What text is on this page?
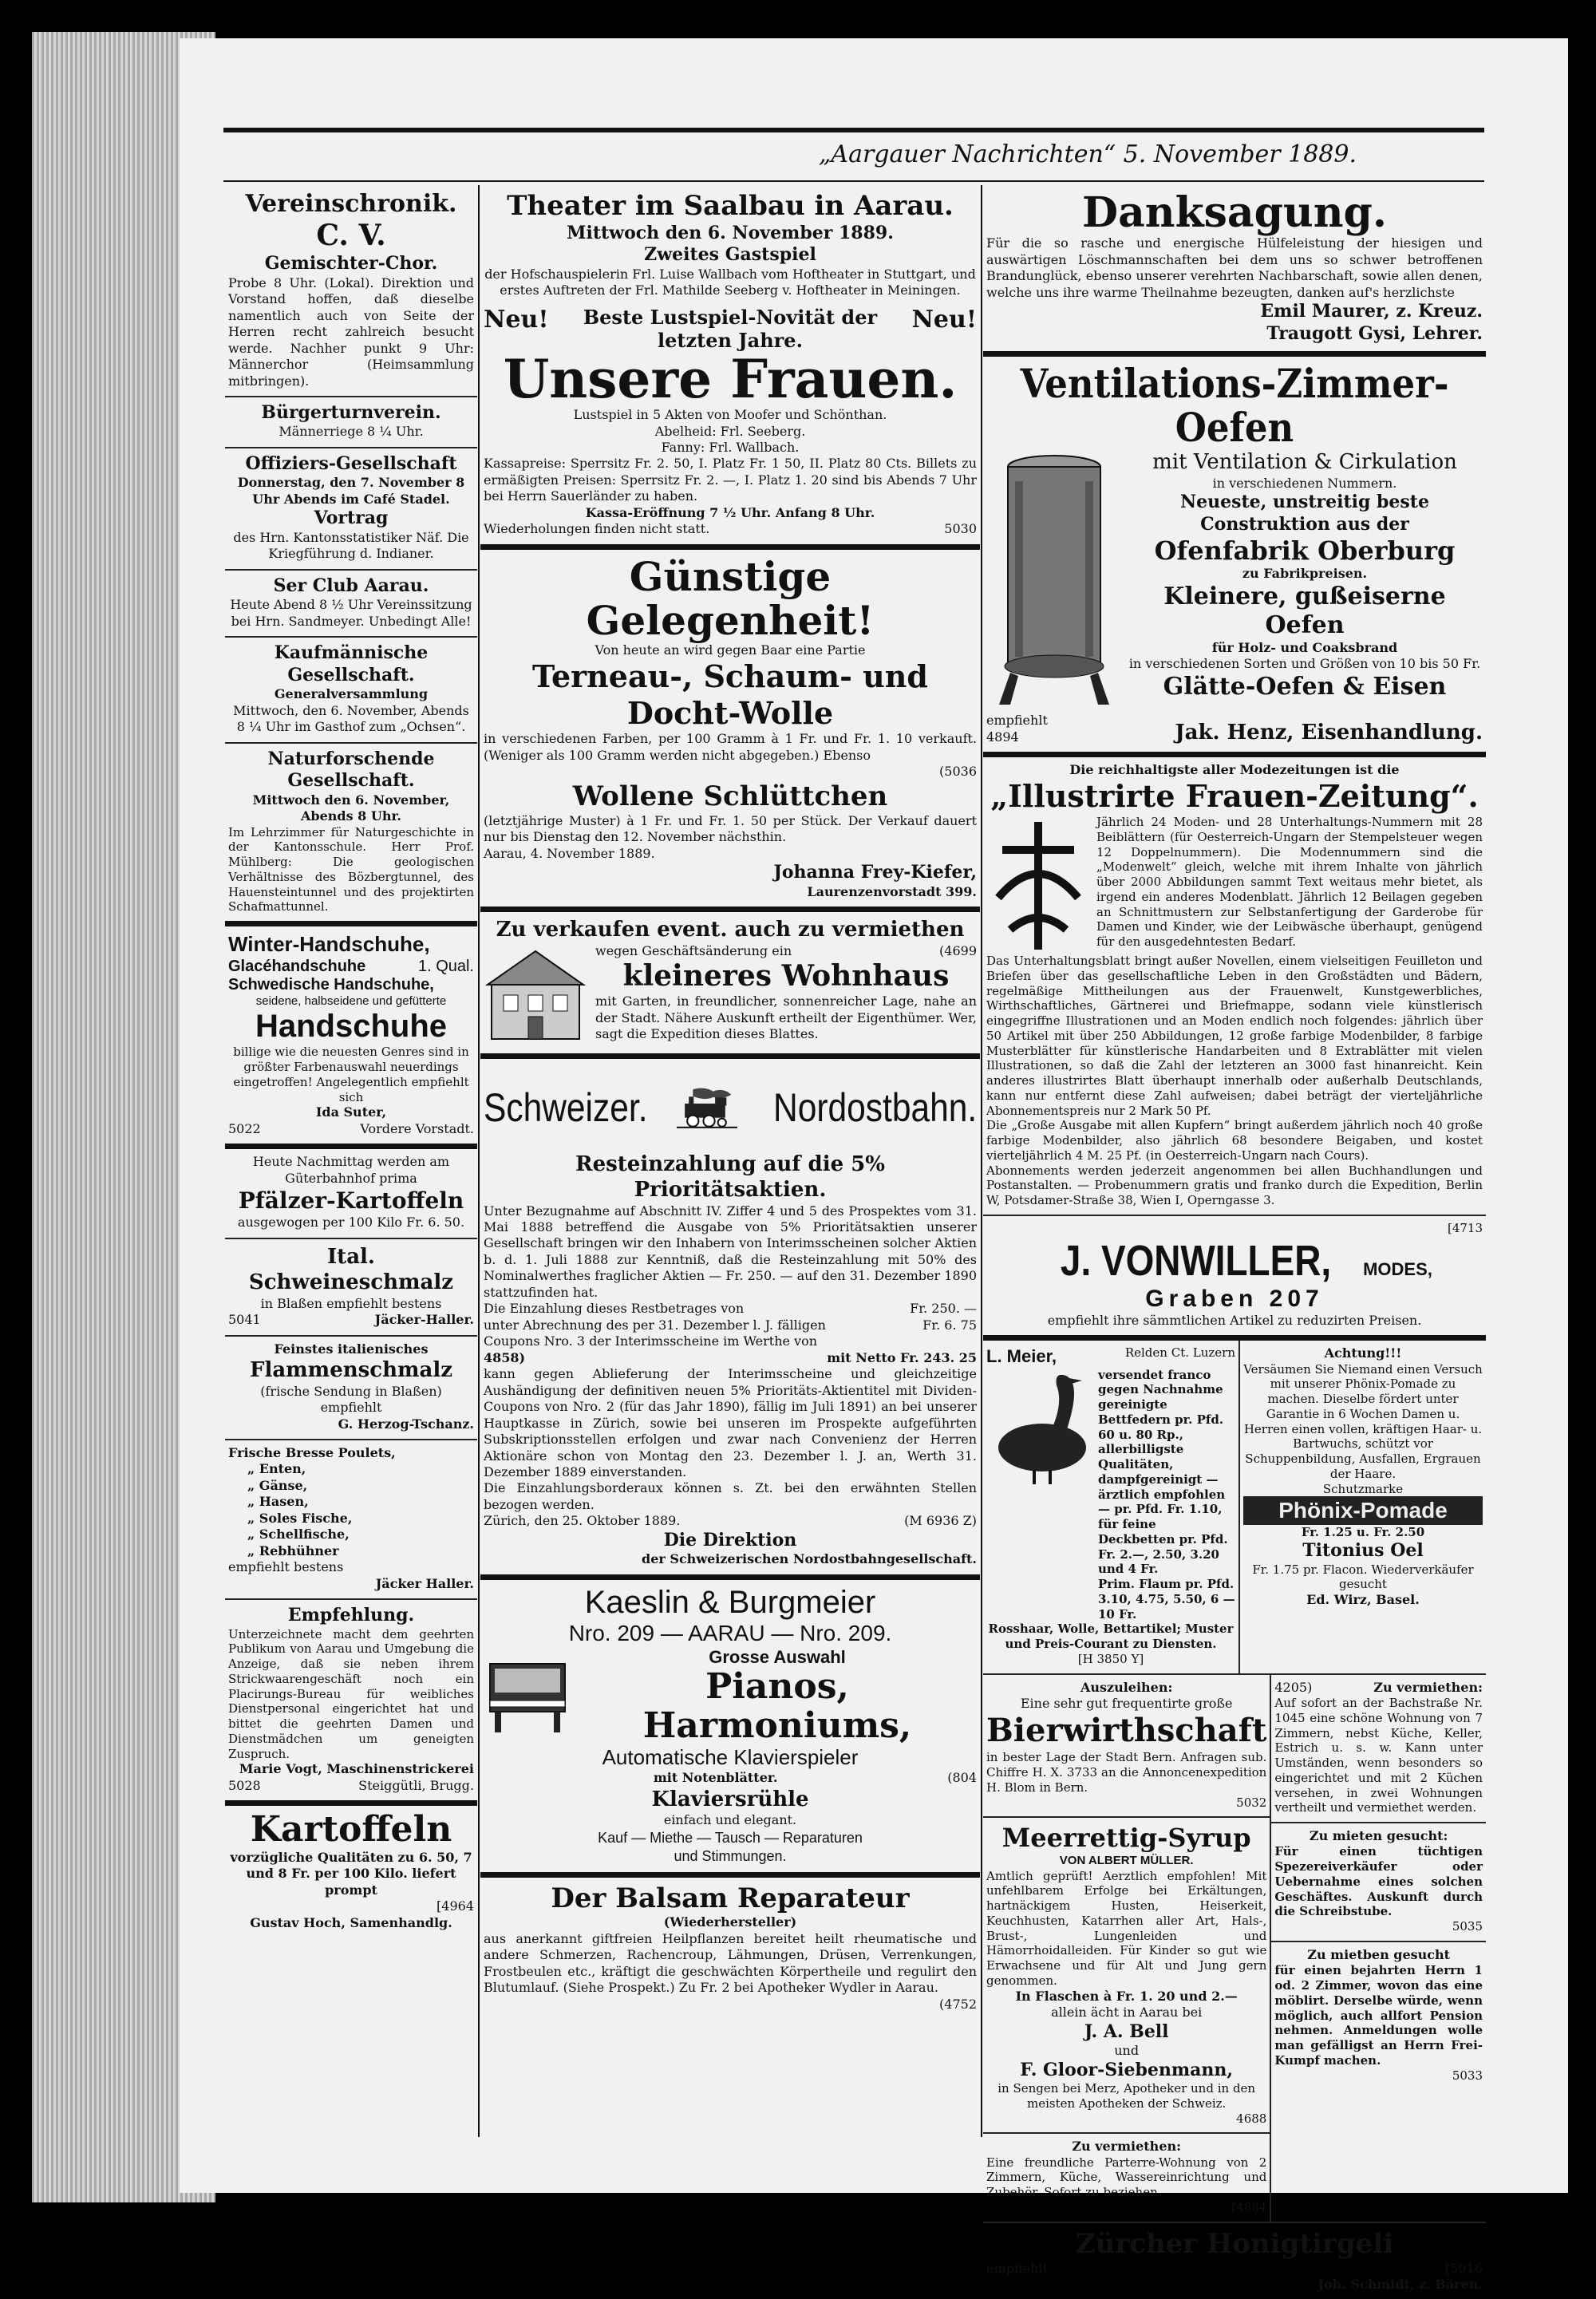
„Aargauer Nachrichten“ 5. November 1889.
Vereinschronik.
C. V.
Gemischter-Chor.
Probe 8 Uhr. (Lokal). Direktion und Vorstand hoffen, daß dieselbe namentlich auch von Seite der Herren recht zahlreich besucht werde. Nachher punkt 9 Uhr: Männerchor (Heimsammlung mitbringen).
Bürgerturnverein.
Männerriege 8 ¼ Uhr.
Offiziers-Gesellschaft
Donnerstag, den 7. November 8 Uhr Abends im Café Stadel.
Vortrag
des Hrn. Kantonsstatistiker Näf. Die Kriegführung d. Indianer.
Ser Club Aarau.
Heute Abend 8 ½ Uhr Vereinssitzung bei Hrn. Sandmeyer. Unbedingt Alle!
Kaufmännische Gesellschaft.
Generalversammlung
Mittwoch, den 6. November, Abends 8 ¼ Uhr im Gasthof zum „Ochsen“.
Naturforschende Gesellschaft.
Mittwoch den 6. November, Abends 8 Uhr.
Im Lehrzimmer für Naturgeschichte in der Kantonsschule. Herr Prof. Mühlberg: Die geologischen Verhältnisse des Bözbergtunnel, des Hauensteintunnel und des projektirten Schafmattunnel.
Winter-Handschuhe,
Glacéhandschuhe	1. Qual.
Schwedische Handschuhe,
seidene, halbseidene und gefütterte
Handschuhe
billige wie die neuesten Genres sind in größter Farbenauswahl neuerdings eingetroffen! Angelegentlich empfiehlt sich
Ida Suter,
5022	Vordere Vorstadt.
Heute Nachmittag werden am Güterbahnhof prima
Pfälzer-Kartoffeln
ausgewogen per 100 Kilo Fr. 6. 50.
Ital. Schweineschmalz
in Blaßen empfiehlt bestens
5041	Jäcker-Haller.
Feinstes italienisches
Flammenschmalz
(frische Sendung in Blaßen) empfiehlt
G. Herzog-Tschanz.
Frische Bresse Poulets,
„ Enten,
„ Gänse,
„ Hasen,
„ Soles Fische,
„ Schellfische,
„ Rebhühner
empfiehlt bestens
Jäcker Haller.
Empfehlung.
Unterzeichnete macht dem geehrten Publikum von Aarau und Umgebung die Anzeige, daß sie neben ihrem Strickwaarengeschäft noch ein Placirungs-Bureau für weibliches Dienstpersonal eingerichtet hat und bittet die geehrten Damen und Dienstmädchen um geneigten Zuspruch.
Marie Vogt, Maschinenstrickerei
5028	Steiggütli, Brugg.
Kartoffeln
vorzügliche Qualitäten zu 6. 50, 7 und 8 Fr. per 100 Kilo. liefert prompt
[4964
Gustav Hoch, Samenhandlg.
Theater im Saalbau in Aarau.
Mittwoch den 6. November 1889.
Zweites Gastspiel
der Hofschauspielerin Frl. Luise Wallbach vom Hoftheater in Stuttgart, und erstes Auftreten der Frl. Mathilde Seeberg v. Hoftheater in Meiningen.
Neu!	Beste Lustspiel-Novität der letzten Jahre.
Neu!
Unsere Frauen.
Lustspiel in 5 Akten von Moofer und Schönthan.
Abelheid: Frl. Seeberg.
Fanny: Frl. Wallbach.
Kassapreise: Sperrsitz Fr. 2. 50, I. Platz Fr. 1 50, II. Platz 80 Cts. Billets zu ermäßigten Preisen: Sperrsitz Fr. 2. —, I. Platz 1. 20 sind bis Abends 7 Uhr bei Herrn Sauerländer zu haben.
Kassa-Eröffnung 7 ½ Uhr. Anfang 8 Uhr.
Wiederholungen finden nicht statt.	5030
Günstige Gelegenheit!
Von heute an wird gegen Baar eine Partie
Terneau-, Schaum- und Docht-Wolle
in verschiedenen Farben, per 100 Gramm à 1 Fr. und Fr. 1. 10 verkauft. (Weniger als 100 Gramm werden nicht abgegeben.) Ebenso
(5036
Wollene Schlüttchen
(letztjährige Muster) à 1 Fr. und Fr. 1. 50 per Stück. Der Verkauf dauert nur bis Dienstag den 12. November nächsthin.
Aarau, 4. November 1889.
Johanna Frey-Kiefer,
Laurenzenvorstadt 399.
Zu verkaufen event. auch zu vermiethen
wegen Geschäftsänderung ein	(4699
kleineres Wohnhaus
mit Garten, in freundlicher, sonnenreicher Lage, nahe an der Stadt. Nähere Auskunft ertheilt der Eigenthümer. Wer, sagt die Expedition dieses Blattes.
Schweizer.	Nordostbahn.
Resteinzahlung auf die 5% Prioritätsaktien.
Unter Bezugnahme auf Abschnitt IV. Ziffer 4 und 5 des Prospektes vom 31. Mai 1888 betreffend die Ausgabe von 5% Prioritätsaktien unserer Gesellschaft bringen wir den Inhabern von Interimsscheinen solcher Aktien b. d. 1. Juli 1888 zur Kenntniß, daß die Resteinzahlung mit 50% des Nominalwerthes fraglicher Aktien — Fr. 250. — auf den 31. Dezember 1890 stattzufinden hat.
Die Einzahlung dieses Restbetrages von	Fr. 250. —
unter Abrechnung des per 31. Dezember l. J. fälligen Coupons Nro. 3 der Interimsscheine im Werthe von
Fr. 6. 75
4858)	mit Netto Fr. 243. 25
kann gegen Ablieferung der Interimsscheine und gleichzeitige Aushändigung der definitiven neuen 5% Prioritäts-Aktientitel mit Dividen-Coupons von Nro. 2 (für das Jahr 1890), fällig im Juli 1891) an bei unserer Hauptkasse in Zürich, sowie bei unseren im Prospekte aufgeführten Subskriptionsstellen erfolgen und zwar nach Convenienz der Herren Aktionäre schon von Montag den 23. Dezember l. J. an, Werth 31. Dezember 1889 einverstanden.
Die Einzahlungsborderaux können s. Zt. bei den erwähnten Stellen bezogen werden.
Zürich, den 25. Oktober 1889.	(M 6936 Z)
Die Direktion
der Schweizerischen Nordostbahngesellschaft.
Kaeslin & Burgmeier
Nro. 209 — AARAU — Nro. 209.
Grosse Auswahl
Pianos, Harmoniums,
Automatische Klavierspieler
mit Notenblätter.	(804
Klaviersrühle
einfach und elegant.
Kauf — Miethe — Tausch — Reparaturen
und Stimmungen.
Der Balsam Reparateur
(Wiederhersteller)
aus anerkannt giftfreien Heilpflanzen bereitet heilt rheumatische und andere Schmerzen, Rachencroup, Lähmungen, Drüsen, Verrenkungen, Frostbeulen etc., kräftigt die geschwächten Körpertheile und regulirt den Blutumlauf. (Siehe Prospekt.) Zu Fr. 2 bei Apotheker Wydler in Aarau.
(4752
Danksagung.
Für die so rasche und energische Hülfeleistung der hiesigen und auswärtigen Löschmannschaften bei dem uns so schwer betroffenen Brandunglück, ebenso unserer verehrten Nachbarschaft, sowie allen denen, welche uns ihre warme Theilnahme bezeugten, danken auf's herzlichste
Emil Maurer, z. Kreuz.
Traugott Gysi, Lehrer.
Ventilations-Zimmer-Oefen
mit Ventilation & Cirkulation
in verschiedenen Nummern.
Neueste, unstreitig beste Construktion aus der
Ofenfabrik Oberburg
zu Fabrikpreisen.
Kleinere, gußeiserne Oefen
für Holz- und Coaksbrand
in verschiedenen Sorten und Größen von 10 bis 50 Fr.
Glätte-Oefen & Eisen
empfiehlt
4894	Jak. Henz, Eisenhandlung.
Die reichhaltigste aller Modezeitungen ist die
„Illustrirte Frauen-Zeitung“.
Jährlich 24 Moden- und 28 Unterhaltungs-Nummern mit 28 Beiblättern (für Oesterreich-Ungarn der Stempelsteuer wegen 12 Doppelnummern). Die Modennummern sind die „Modenwelt“ gleich, welche mit ihrem Inhalte von jährlich über 2000 Abbildungen sammt Text weitaus mehr bietet, als irgend ein anderes Modenblatt. Jährlich 12 Beilagen gegeben an Schnittmustern zur Selbstanfertigung der Garderobe für Damen und Kinder, wie der Leibwäsche überhaupt, genügend für den ausgedehntesten Bedarf.
Das Unterhaltungsblatt bringt außer Novellen, einem vielseitigen Feuilleton und Briefen über das gesellschaftliche Leben in den Großstädten und Bädern, regelmäßige Mittheilungen aus der Frauenwelt, Kunstgewerbliches, Wirthschaftliches, Gärtnerei und Briefmappe, sodann viele künstlerisch eingegriffne Illustrationen und an Moden endlich noch folgendes: jährlich über 50 Artikel mit über 250 Abbildungen, 12 große farbige Modenbilder, 8 farbige Musterblätter für künstlerische Handarbeiten und 8 Extrablätter mit vielen Illustrationen, so daß die Zahl der letzteren an 3000 fast hinanreicht. Kein anderes illustrirtes Blatt überhaupt innerhalb oder außerhalb Deutschlands, kann nur entfernt diese Zahl aufweisen; dabei beträgt der vierteljährliche Abonnementspreis nur 2 Mark 50 Pf.
Die „Große Ausgabe mit allen Kupfern“ bringt außerdem jährlich noch 40 große farbige Modenbilder, also jährlich 68 besondere Beigaben, und kostet vierteljährlich 4 M. 25 Pf. (in Oesterreich-Ungarn nach Cours).
Abonnements werden jederzeit angenommen bei allen Buchhandlungen und Postanstalten. — Probenummern gratis und franko durch die Expedition, Berlin W, Potsdamer-Straße 38, Wien I, Operngasse 3.
[4713
J. VONWILLER, MODES,
Graben 207
empfiehlt ihre sämmtlichen Artikel zu reduzirten Preisen.
L. Meier,	Relden Ct. Luzern
versendet franco gegen Nachnahme gereinigte Bettfedern pr. Pfd. 60 u. 80 Rp., allerbilligste Qualitäten, dampfgereinigt — ärztlich empfohlen — pr. Pfd. Fr. 1.10,
für feine Deckbetten pr. Pfd. Fr. 2.—, 2.50, 3.20 und 4 Fr.
Prim. Flaum pr. Pfd. 3.10, 4.75, 5.50, 6 — 10 Fr.
Rosshaar, Wolle, Bettartikel; Muster und Preis-Courant zu Diensten.
[H 3850 Y]
Achtung!!!
Versäumen Sie Niemand einen Versuch mit unserer Phönix-Pomade zu machen. Dieselbe fördert unter Garantie in 6 Wochen Damen u. Herren einen vollen, kräftigen Haar- u. Bartwuchs, schützt vor Schuppenbildung, Ausfallen, Ergrauen der Haare.
Schutzmarke
Phönix-Pomade
Fr. 1.25 u. Fr. 2.50
Titonius Oel
Fr. 1.75 pr. Flacon. Wiederverkäufer gesucht
Ed. Wirz, Basel.
Auszuleihen:
Eine sehr gut frequentirte große
Bierwirthschaft
in bester Lage der Stadt Bern. Anfragen sub. Chiffre H. X. 3733 an die Annoncenexpedition H. Blom in Bern.
5032
Meerrettig-Syrup
VON ALBERT MÜLLER.
Amtlich geprüft! Aerztlich empfohlen! Mit unfehlbarem Erfolge bei Erkältungen, hartnäckigem Husten, Heiserkeit, Keuchhusten, Katarrhen aller Art, Hals-, Brust-, Lungenleiden und Hämorrhoidalleiden. Für Kinder so gut wie Erwachsene und für Alt und Jung gern genommen.
In Flaschen à Fr. 1. 20 und 2.—
allein ächt in Aarau bei
J. A. Bell
und
F. Gloor-Siebenmann,
in Sengen bei Merz, Apotheker und in den meisten Apotheken der Schweiz.
4688
Zu vermiethen:
Eine freundliche Parterre-Wohnung von 2 Zimmern, Küche, Wassereinrichtung und Zubehör. Sofort zu beziehen.
[4884
4205)	Zu vermiethen:
Auf sofort an der Bachstraße Nr. 1045 eine schöne Wohnung von 7 Zimmern, nebst Küche, Keller, Estrich u. s. w. Kann unter Umständen, wenn besonders so eingerichtet und mit 2 Küchen versehen, in zwei Wohnungen vertheilt und vermiethet werden.
Zu mieten gesucht:
Für einen tüchtigen Spezereiverkäufer oder Uebernahme eines solchen Geschäftes. Auskunft durch die Schreibstube.
5035
Zu mietben gesucht
für einen bejahrten Herrn 1 od. 2 Zimmer, wovon das eine möblirt. Derselbe würde, wenn möglich, auch allfort Pension nehmen. Anmeldungen wolle man gefälligst an Herrn Frei-Kumpf machen.
5033
Zürcher Honigtirgeli
empfiehlt	[5016
Joh. Schmidt, z. Bären.
